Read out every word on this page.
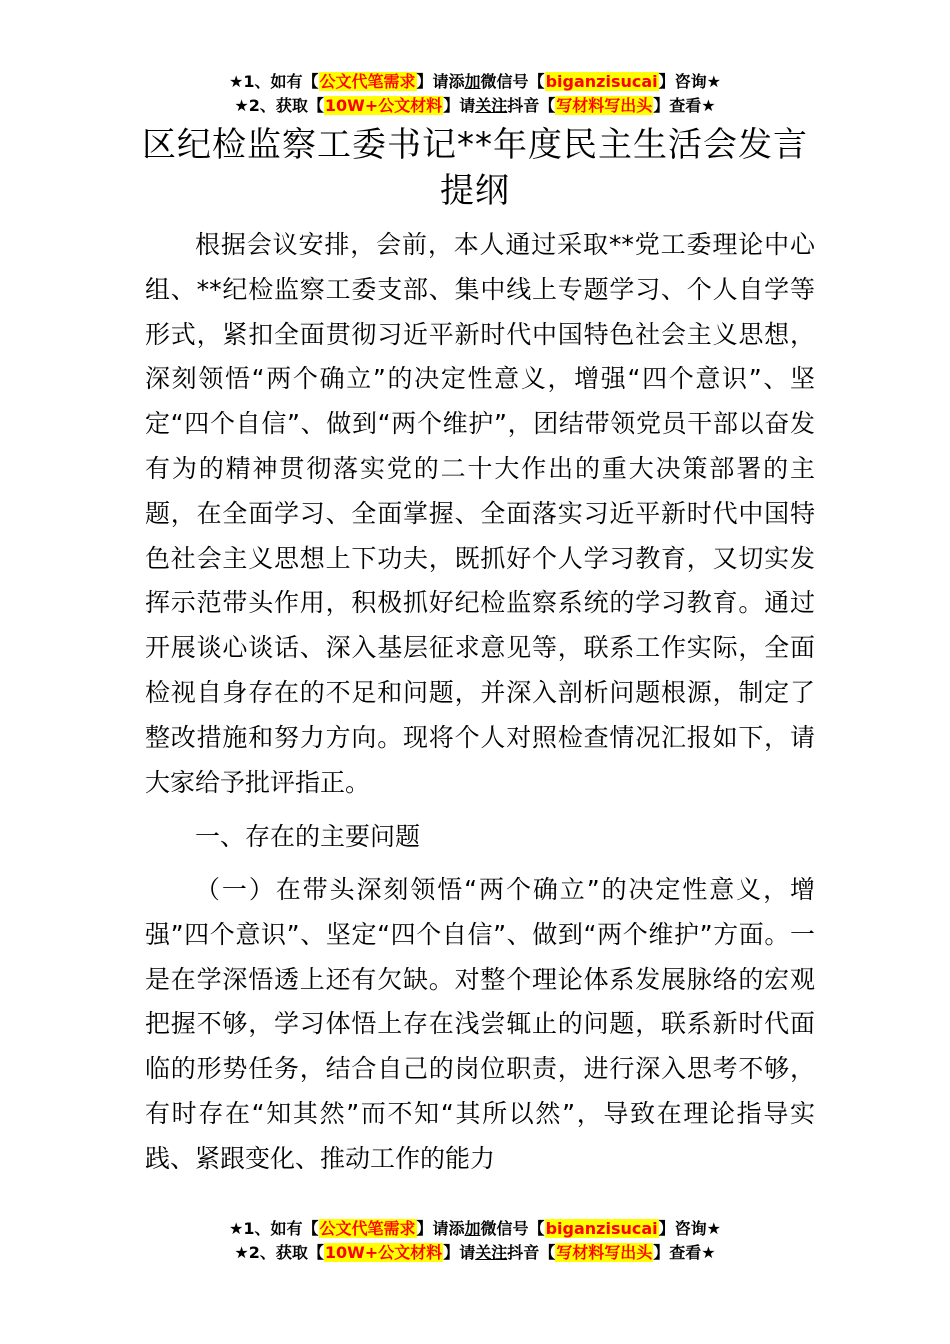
★1、如有【公文代笔需求】请添加微信号【biganzisucai】咨询★
★2、获取【10W+公文材料】请关注抖音【写材料写出头】查看★
区纪检监察工委书记**年度民主生活会发言提纲

根据会议安排，会前，本人通过采取**党工委理论中心组、**纪检监察工委支部、集中线上专题学习、个人自学等形式，紧扣全面贯彻习近平新时代中国特色社会主义思想，深刻领悟“两个确立”的决定性意义，增强“四个意识”、坚定“四个自信”、做到“两个维护”，团结带领党员干部以奋发有为的精神贯彻落实党的二十大作出的重大决策部署的主题，在全面学习、全面掌握、全面落实习近平新时代中国特色社会主义思想上下功夫，既抓好个人学习教育，又切实发挥示范带头作用，积极抓好纪检监察系统的学习教育。通过开展谈心谈话、深入基层征求意见等，联系工作实际，全面检视自身存在的不足和问题，并深入剖析问题根源，制定了整改措施和努力方向。现将个人对照检查情况汇报如下，请大家给予批评指正。

一、存在的主要问题

（一）在带头深刻领悟“两个确立”的决定性意义，增强”四个意识”、坚定“四个自信”、做到“两个维护”方面。一是在学深悟透上还有欠缺。对整个理论体系发展脉络的宏观把握不够，学习体悟上存在浅尝辄止的问题，联系新时代面临的形势任务，结合自己的岗位职责，进行深入思考不够，有时存在“知其然”而不知“其所以然”，导致在理论指导实践、紧跟变化、推动工作的能力

★1、如有【公文代笔需求】请添加微信号【biganzisucai】咨询★
★2、获取【10W+公文材料】请关注抖音【写材料写出头】查看★
